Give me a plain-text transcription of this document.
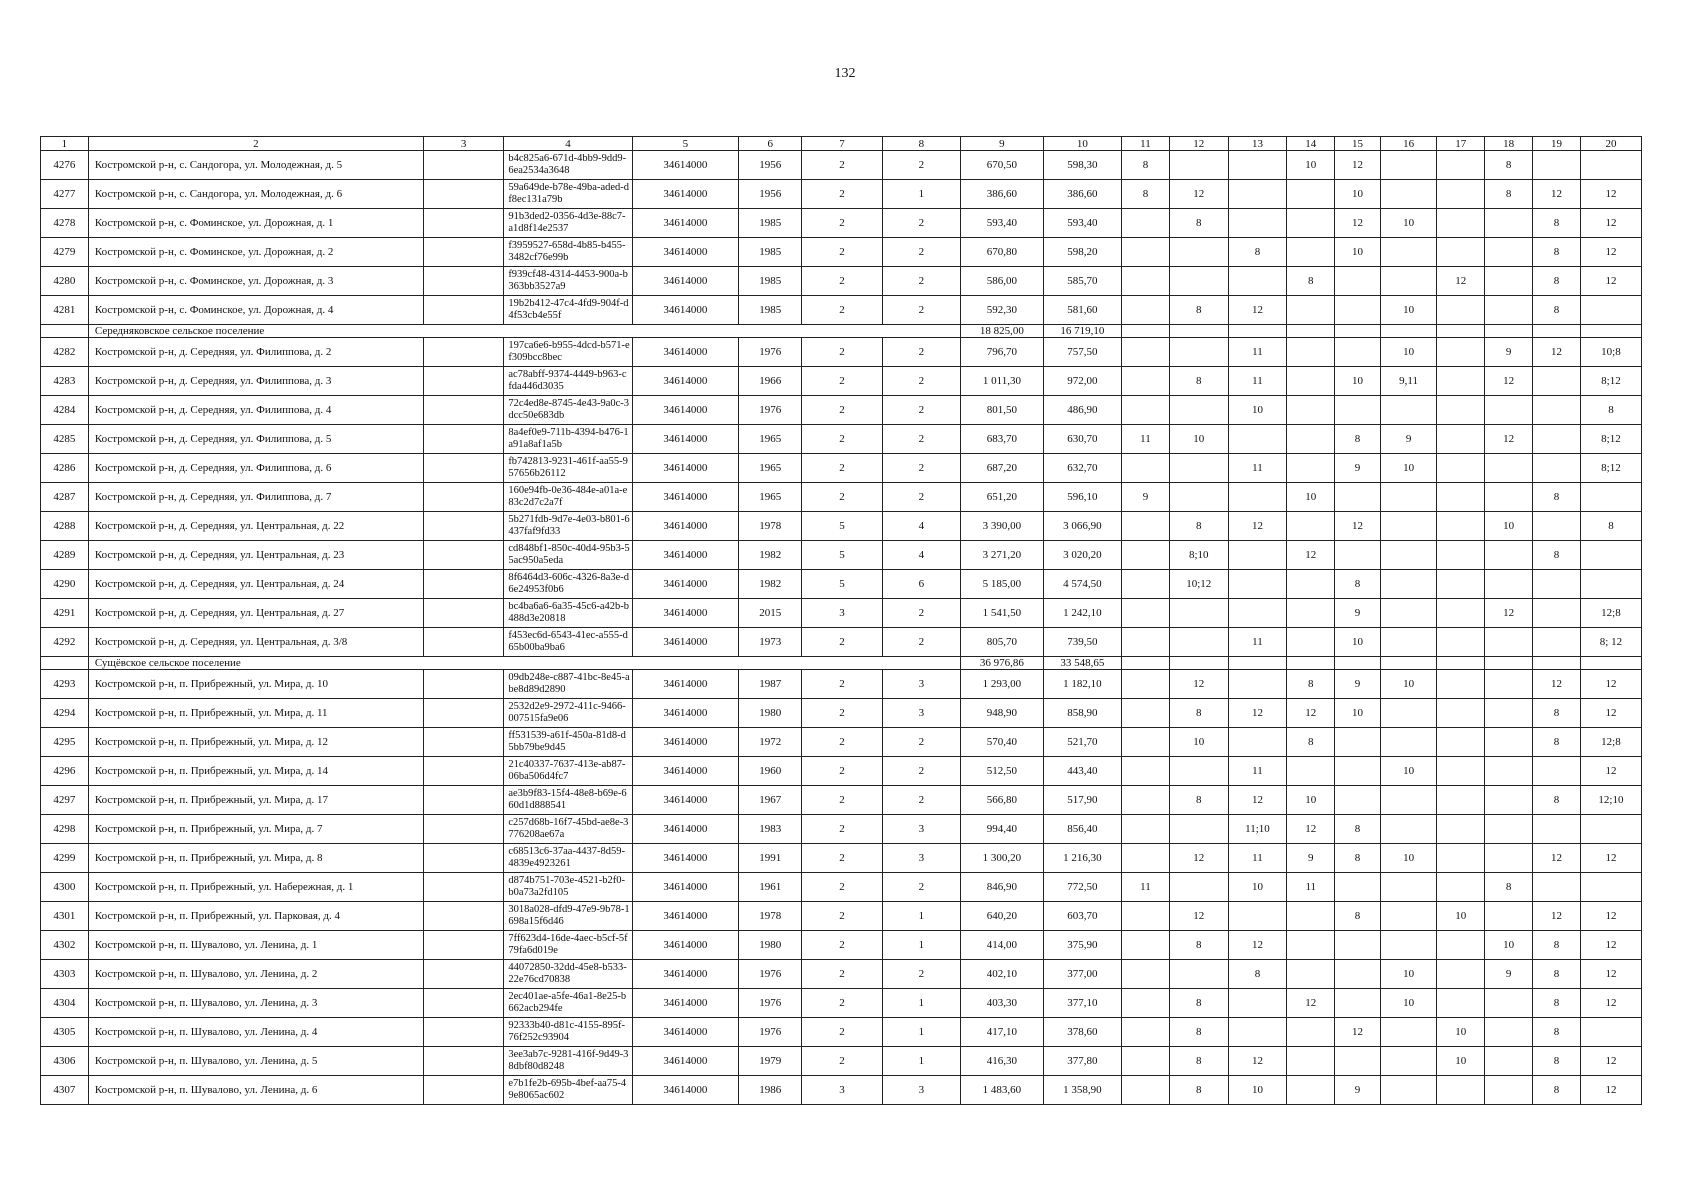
132
1	2	3	4	5	6	7	8	9	10	11	12	13	14	15	16	17	18	19	20
4276	Костромской р-н, с. Сандогора, ул. Молодежная, д. 5		b4c825a6-671d-4bb9-9dd9-6ea2534a3648	34614000	1956	2	2	670,50	598,30	8			10	12			8		
4277	Костромской р-н, с. Сандогора, ул. Молодежная, д. 6		59a649de-b78e-49ba-aded-df8ec131a79b	34614000	1956	2	1	386,60	386,60	8	12			10			8	12	12
4278	Костромской р-н, с. Фоминское, ул. Дорожная, д. 1		91b3ded2-0356-4d3e-88c7-a1d8f14e2537	34614000	1985	2	2	593,40	593,40		8			12	10			8	12
4279	Костромской р-н, с. Фоминское, ул. Дорожная, д. 2		f3959527-658d-4b85-b455-3482cf76e99b	34614000	1985	2	2	670,80	598,20			8		10				8	12
4280	Костромской р-н, с. Фоминское, ул. Дорожная, д. 3		f939cf48-4314-4453-900a-b363bb3527a9	34614000	1985	2	2	586,00	585,70				8			12		8	12
4281	Костромской р-н, с. Фоминское, ул. Дорожная, д. 4		19b2b412-47c4-4fd9-904f-d4f53cb4e55f	34614000	1985	2	2	592,30	581,60		8	12			10			8	
	Середняковское сельское поселение							18 825,00	16 719,10										
4282	Костромской р-н, д. Середняя, ул. Филиппова, д. 2		197ca6e6-b955-4dcd-b571-ef309bcc8bec	34614000	1976	2	2	796,70	757,50			11			10		9	12	10;8
4283	Костромской р-н, д. Середняя, ул. Филиппова, д. 3		ac78abff-9374-4449-b963-cfda446d3035	34614000	1966	2	2	1 011,30	972,00		8	11		10	9,11		12		8;12
4284	Костромской р-н, д. Середняя, ул. Филиппова, д. 4		72c4ed8e-8745-4e43-9a0c-3dcc50e683db	34614000	1976	2	2	801,50	486,90			10							8
4285	Костромской р-н, д. Середняя, ул. Филиппова, д. 5		8a4ef0e9-711b-4394-b476-1a91a8af1a5b	34614000	1965	2	2	683,70	630,70	11	10			8	9		12		8;12
4286	Костромской р-н, д. Середняя, ул. Филиппова, д. 6		fb742813-9231-461f-aa55-957656b26112	34614000	1965	2	2	687,20	632,70			11		9	10				8;12
4287	Костромской р-н, д. Середняя, ул. Филиппова, д. 7		160e94fb-0e36-484e-a01a-e83c2d7c2a7f	34614000	1965	2	2	651,20	596,10	9			10					8	
4288	Костромской р-н, д. Середняя, ул. Центральная, д. 22		5b271fdb-9d7e-4e03-b801-6437faf9fd33	34614000	1978	5	4	3 390,00	3 066,90		8	12		12			10		8
4289	Костромской р-н, д. Середняя, ул. Центральная, д. 23		cd848bf1-850c-40d4-95b3-55ac950a5eda	34614000	1982	5	4	3 271,20	3 020,20		8;10		12					8	
4290	Костромской р-н, д. Середняя, ул. Центральная, д. 24		8f6464d3-606c-4326-8a3e-d6e24953f0b6	34614000	1982	5	6	5 185,00	4 574,50		10;12			8					
4291	Костромской р-н, д. Середняя, ул. Центральная, д. 27		bc4ba6a6-6a35-45c6-a42b-b488d3e20818	34614000	2015	3	2	1 541,50	1 242,10					9			12		12;8
4292	Костромской р-н, д. Середняя, ул. Центральная, д. 3/8		f453ec6d-6543-41ec-a555-d65b00ba9ba6	34614000	1973	2	2	805,70	739,50			11		10					8; 12
	Сущёвское сельское поселение							36 976,86	33 548,65										
4293	Костромской р-н, п. Прибрежный, ул. Мира, д. 10		09db248e-c887-41bc-8e45-abe8d89d2890	34614000	1987	2	3	1 293,00	1 182,10		12		8	9	10			12	12
4294	Костромской р-н, п. Прибрежный, ул. Мира, д. 11		2532d2e9-2972-411c-9466-007515fa9e06	34614000	1980	2	3	948,90	858,90		8	12	12	10				8	12
4295	Костромской р-н, п. Прибрежный, ул. Мира, д. 12		ff531539-a61f-450a-81d8-d5bb79be9d45	34614000	1972	2	2	570,40	521,70		10		8					8	12;8
4296	Костромской р-н, п. Прибрежный, ул. Мира, д. 14		21c40337-7637-413e-ab87-06ba506d4fc7	34614000	1960	2	2	512,50	443,40			11			10				12
4297	Костромской р-н, п. Прибрежный, ул. Мира, д. 17		ae3b9f83-15f4-48e8-b69e-660d1d888541	34614000	1967	2	2	566,80	517,90		8	12	10					8	12;10
4298	Костромской р-н, п. Прибрежный, ул. Мира, д. 7		c257d68b-16f7-45bd-ae8e-3776208ae67a	34614000	1983	2	3	994,40	856,40			11;10	12	8					
4299	Костромской р-н, п. Прибрежный, ул. Мира, д. 8		c68513c6-37aa-4437-8d59-4839e4923261	34614000	1991	2	3	1 300,20	1 216,30		12	11	9	8	10			12	12
4300	Костромской р-н, п. Прибрежный, ул. Набережная, д. 1		d874b751-703e-4521-b2f0-b0a73a2fd105	34614000	1961	2	2	846,90	772,50	11		10	11				8		
4301	Костромской р-н, п. Прибрежный, ул. Парковая, д. 4		3018a028-dfd9-47e9-9b78-1698a15f6d46	34614000	1978	2	1	640,20	603,70		12			8		10		12	12
4302	Костромской р-н, п. Шувалово, ул. Ленина, д. 1		7ff623d4-16de-4aec-b5cf-5f79fa6d019e	34614000	1980	2	1	414,00	375,90		8	12					10	8	12
4303	Костромской р-н, п. Шувалово, ул. Ленина, д. 2		44072850-32dd-45e8-b533-22e76cd70838	34614000	1976	2	2	402,10	377,00			8			10		9	8	12
4304	Костромской р-н, п. Шувалово, ул. Ленина, д. 3		2ec401ae-a5fe-46a1-8e25-b662acb294fe	34614000	1976	2	1	403,30	377,10		8		12		10			8	12
4305	Костромской р-н, п. Шувалово, ул. Ленина, д. 4		92333b40-d81c-4155-895f-76f252c93904	34614000	1976	2	1	417,10	378,60		8			12		10		8	
4306	Костромской р-н, п. Шувалово, ул. Ленина, д. 5		3ee3ab7c-9281-416f-9d49-38dbf80d8248	34614000	1979	2	1	416,30	377,80		8	12				10		8	12
4307	Костромской р-н, п. Шувалово, ул. Ленина, д. 6		e7b1fe2b-695b-4bef-aa75-49e8065ac602	34614000	1986	3	3	1 483,60	1 358,90		8	10		9				8	12
